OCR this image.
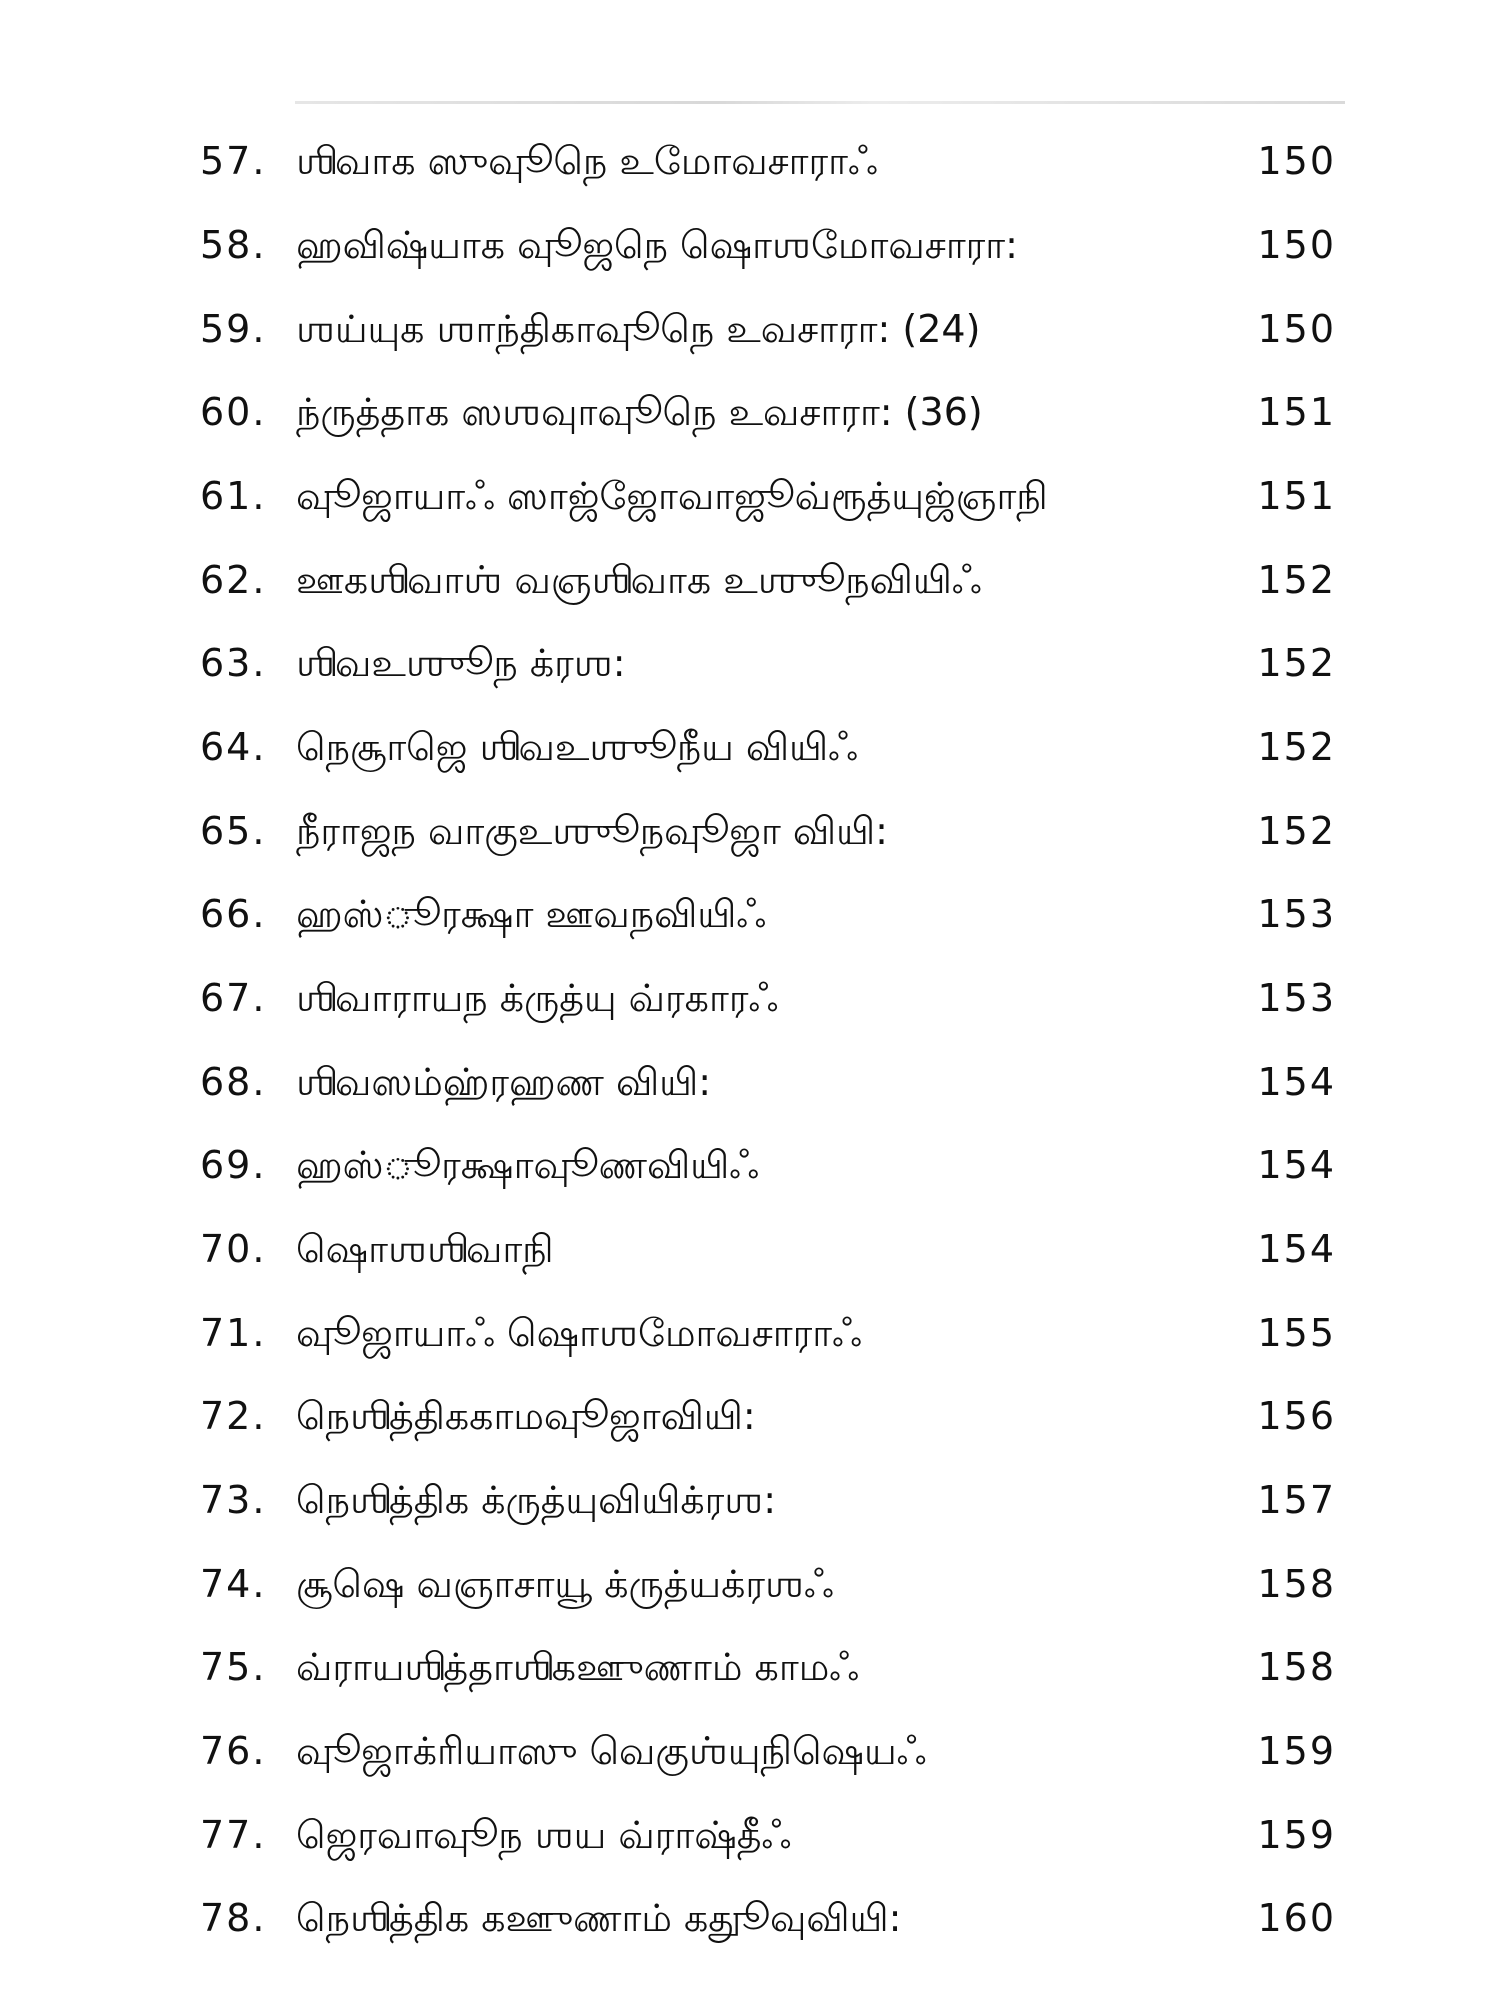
57. ஶிவாக ஸுவுூநெ உமோவசாராஃ	150
58. ஹவிஷ்யாக வுூஜநெ ஷொஶமோவசாரா:	150
59. ஶய்யுக ஶாந்திகாவுூநெ உவசாரா: (24)	150
60. ந்ருத்தாக ஸஶவுாவுூநெ உவசாரா: (36)	151
61. வுூஜாயாஃ ஸாஜ்ஜோவாஜூவ்ரூத்யுஜ்ஞாநி	151
62. ஊகஶிவாஶ் வஞஶிவாக உஶுூநவியிஃ	152
63. ஶிவஉஶுூந க்ரஶ:	152
64. நெசூாஜெ ஶிவஉஶுூநீய வியிஃ	152
65. நீராஜந வாகுஉஶுூநவுூஜா வியி:	152
66. ஹஸ்ூரக்ஷா ஊவநவியிஃ	153
67. ஶிவாராயந க்ருத்யு வ்ரகாரஃ	153
68. ஶிவஸம்ஹ்ரஹண வியி:	154
69. ஹஸ்ூரக்ஷாவுூணவியிஃ	154
70. ஷொஶஶிவாநி	154
71. வுூஜாயாஃ ஷொஶமோவசாராஃ	155
72. நெஶித்திககாமவுூஜாவியி:	156
73. நெஶித்திக க்ருத்யுவியிக்ரஶ:	157
74. சூஷெ வஞாசாயூ க்ருத்யக்ரஶஃ	158
75. வ்ராயஶித்தாஶிகஊுணாம் காமஃ	158
76. வுூஜாக்ரியாஸு வெகுஶ்யுநிஷெயஃ	159
77. ஜெரவாவுூந ஶய வ்ராஷ்தீஃ	159
78. நெஶித்திக கஊுணாம் கதுூவுவியி:	160
